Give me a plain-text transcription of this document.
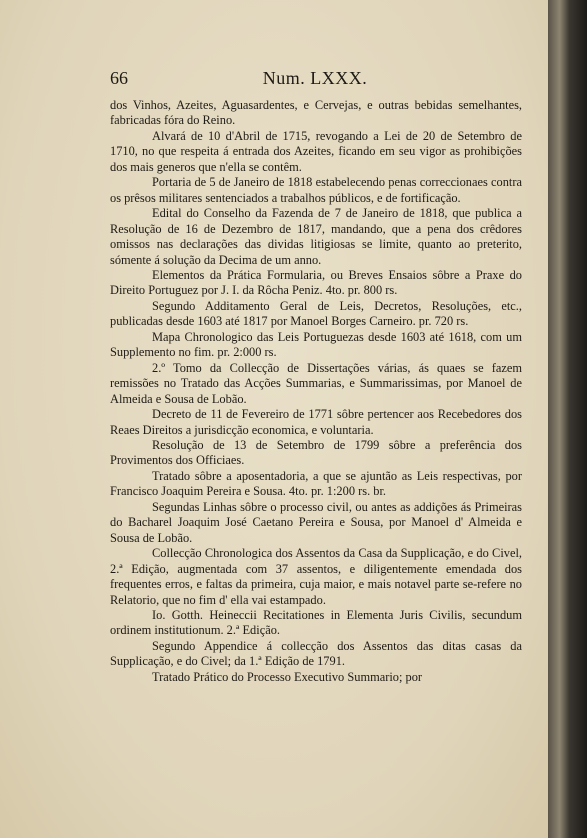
66	Num. LXXX.

dos Vinhos, Azeites, Aguasardentes, e Cervejas, e outras bebidas semelhantes, fabricadas fóra do Reino.

Alvará de 10 d'Abril de 1715, revogando a Lei de 20 de Setembro de 1710, no que respeita á entrada dos Azeites, ficando em seu vigor as prohibições dos mais generos que n'ella se contêm.

Portaria de 5 de Janeiro de 1818 estabelecendo penas correccionaes contra os prêsos militares sentenciados a trabalhos públicos, e de fortificação.

Edital do Conselho da Fazenda de 7 de Janeiro de 1818, que publica a Resolução de 16 de Dezembro de 1817, mandando, que a pena dos crêdores omissos nas declarações das dividas litigiosas se limite, quanto ao preterito, sómente á solução da Decima de um anno.

Elementos da Prática Formularia, ou Breves Ensaios sôbre a Praxe do Direito Portuguez por J. I. da Rôcha Peniz. 4to. pr. 800 rs.

Segundo Additamento Geral de Leis, Decretos, Resoluções, etc., publicadas desde 1603 até 1817 por Manoel Borges Carneiro. pr. 720 rs.

Mapa Chronologico das Leis Portuguezas desde 1603 até 1618, com um Supplemento no fim. pr. 2:000 rs.

2.º Tomo da Collecção de Dissertações várias, ás quaes se fazem remissões no Tratado das Acções Summarias, e Summarissimas, por Manoel de Almeida e Sousa de Lobão.

Decreto de 11 de Fevereiro de 1771 sôbre pertencer aos Recebedores dos Reaes Direitos a jurisdicção economica, e voluntaria.

Resolução de 13 de Setembro de 1799 sôbre a preferência dos Provimentos dos Officiaes.

Tratado sôbre a aposentadoria, a que se ajuntão as Leis respectivas, por Francisco Joaquim Pereira e Sousa. 4to. pr. 1:200 rs. br.

Segundas Linhas sôbre o processo civil, ou antes as addições ás Primeiras do Bacharel Joaquim José Caetano Pereira e Sousa, por Manoel d' Almeida e Sousa de Lobão.

Collecção Chronologica dos Assentos da Casa da Supplicação, e do Civel, 2.ª Edição, augmentada com 37 assentos, e diligentemente emendada dos frequentes erros, e faltas da primeira, cuja maior, e mais notavel parte se-refere no Relatorio, que no fim d' ella vai estampado.

Io. Gotth. Heineccii Recitationes in Elementa Juris Civilis, secundum ordinem institutionum. 2.ª Edição.

Segundo Appendice á collecção dos Assentos das ditas casas da Supplicação, e do Civel; da 1.ª Edição de 1791.

Tratado Prático do Processo Executivo Summario; por
